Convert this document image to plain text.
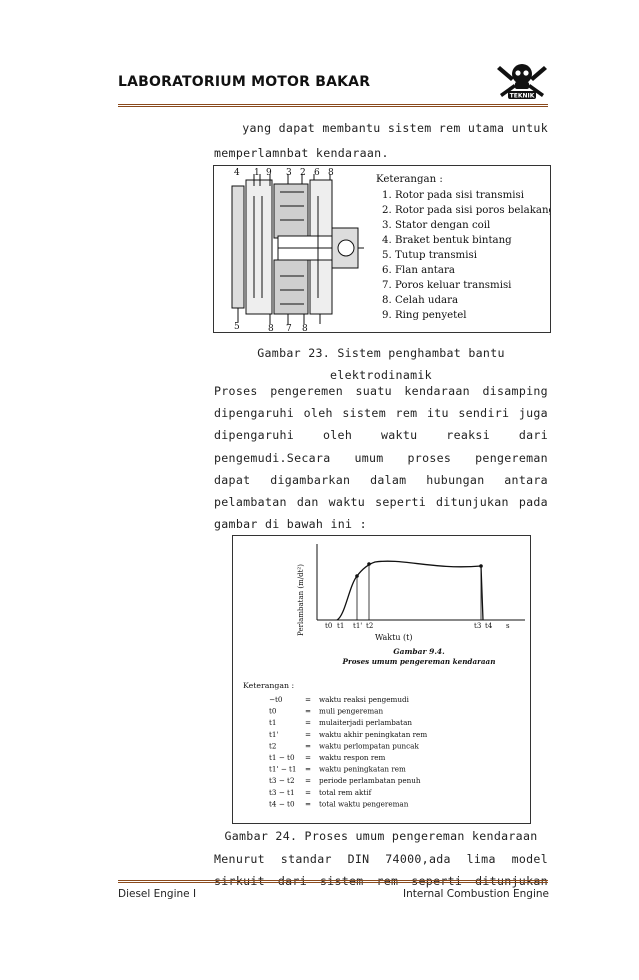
LABORATORIUM MOTOR BAKAR
TEKNIK
yang dapat membantu sistem rem utama untuk
memperlamnbat kendaraan.
4 1 9 3 2 6 8
5	8 7 8
Keterangan :
1. Rotor pada sisi transmisi
2. Rotor pada sisi poros belakang
3. Stator dengan coil
4. Braket bentuk bintang
5. Tutup transmisi
6. Flan antara
7. Poros keluar transmisi
8. Celah udara
9. Ring penyetel
Gambar 23. Sistem penghambat bantu
elektrodinamik
Proses pengeremen suatu kendaraan disamping
dipengaruhi oleh sistem rem itu sendiri juga
dipengaruhi oleh waktu reaksi dari
pengemudi.Secara umum proses pengereman
dapat digambarkan dalam hubungan antara
pelambatan dan waktu seperti ditunjukan pada
gambar di bawah ini :
Perlambatan (m/dt²)	t0 t1 t1' t2	t3 t4 s
Waktu (t)
Gambar 9.4.
Proses umum pengereman kendaraan
Keterangan :
−t0	= waktu reaksi pengemudi
t0	= muli pengereman
t1	= mulaiterjadi perlambatan
t1'	= waktu akhir peningkatan rem
t2	= waktu perlompatan puncak
t1 − t0 = waktu respon rem
t1' − t1 = waktu peningkatan rem
t3 − t2 = periode perlambatan penuh
t3 − t1 = total rem aktif
t4 − t0 = total waktu pengereman
Gambar 24. Proses umum pengereman kendaraan
Menurut standar DIN 74000,ada lima model
sirkuit dari sistem rem seperti ditunjukan
Diesel Engine I	Internal Combustion Engine
